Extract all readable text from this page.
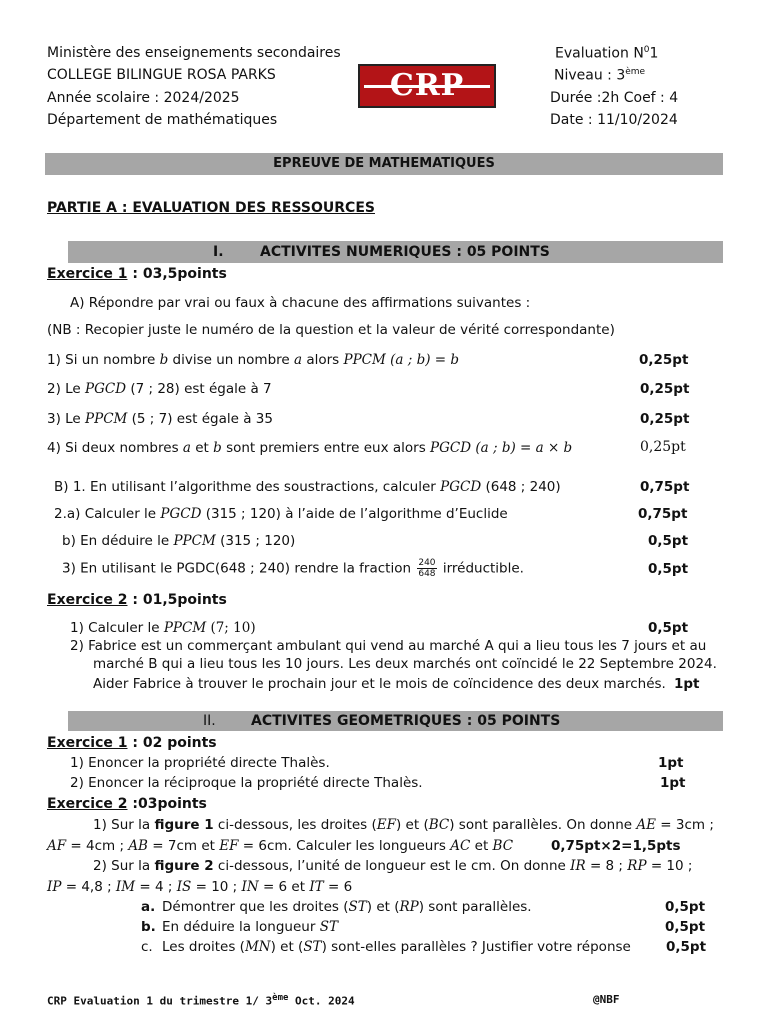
Ministère des enseignements secondaires
COLLEGE BILINGUE ROSA PARKS
Année scolaire : 2024/2025
Département de mathématiques
CRP
Evaluation $N^01$
Niveau : 3ème
Durée :2h Coef : 4
Date : 11/10/2024
EPREUVE DE MATHEMATIQUES
PARTIE A : EVALUATION DES RESSOURCES
I.	ACTIVITES NUMERIQUES : 05 POINTS
Exercice 1 : 03,5points
A) Répondre par vrai ou faux à chacune des affirmations suivantes :
(NB : Recopier juste le numéro de la question et la valeur de vérité correspondante)
1) Si un nombre b divise un nombre a alors PPCM (a ; b) = b	0,25pt
2) Le PGCD (7 ; 28) est égale à 7	0,25pt
3) Le PPCM (5 ; 7) est égale à 35	0,25pt
4) Si deux nombres a et b sont premiers entre eux alors PGCD (a ; b) = a × b	0,25pt
B) 1. En utilisant l’algorithme des soustractions, calculer PGCD (648 ; 240)	0,75pt
2.a) Calculer le PGCD (315 ; 120) à l’aide de l’algorithme d’Euclide	0,75pt
b) En déduire le PPCM (315 ; 120)	0,5pt
3) En utilisant le PGDC(648 ; 240) rendre la fraction $\frac{240}{648}$ irréductible.	0,5pt
Exercice 2 : 01,5points
1) Calculer le PPCM (7; 10)	0,5pt
2) Fabrice est un commerçant ambulant qui vend au marché A qui a lieu tous les 7 jours et au
marché B qui a lieu tous les 10 jours. Les deux marchés ont coïncidé le 22 Septembre 2024.
Aider Fabrice à trouver le prochain jour et le mois de coïncidence des deux marchés. 1pt
II.	ACTIVITES GEOMETRIQUES : 05 POINTS
Exercice 1 : 02 points
1) Enoncer la propriété directe Thalès.	1pt
2) Enoncer la réciproque la propriété directe Thalès.	1pt
Exercice 2 :03points
1) Sur la figure 1 ci-dessous, les droites (EF) et (BC) sont parallèles. On donne AE = 3cm ;
AF = 4cm ; AB = 7cm et EF = 6cm. Calculer les longueurs AC et BC	0,75pt×2=1,5pts
2) Sur la figure 2 ci-dessous, l’unité de longueur est le cm. On donne IR = 8 ; RP = 10 ;
IP = 4,8 ; IM = 4 ; IS = 10 ; IN = 6 et IT = 6
a. Démontrer que les droites (ST) et (RP) sont parallèles.	0,5pt
b. En déduire la longueur ST	0,5pt
c. Les droites (MN) et (ST) sont-elles parallèles ? Justifier votre réponse	0,5pt
CRP Evaluation 1 du trimestre 1/ 3ème Oct. 2024	@NBF
